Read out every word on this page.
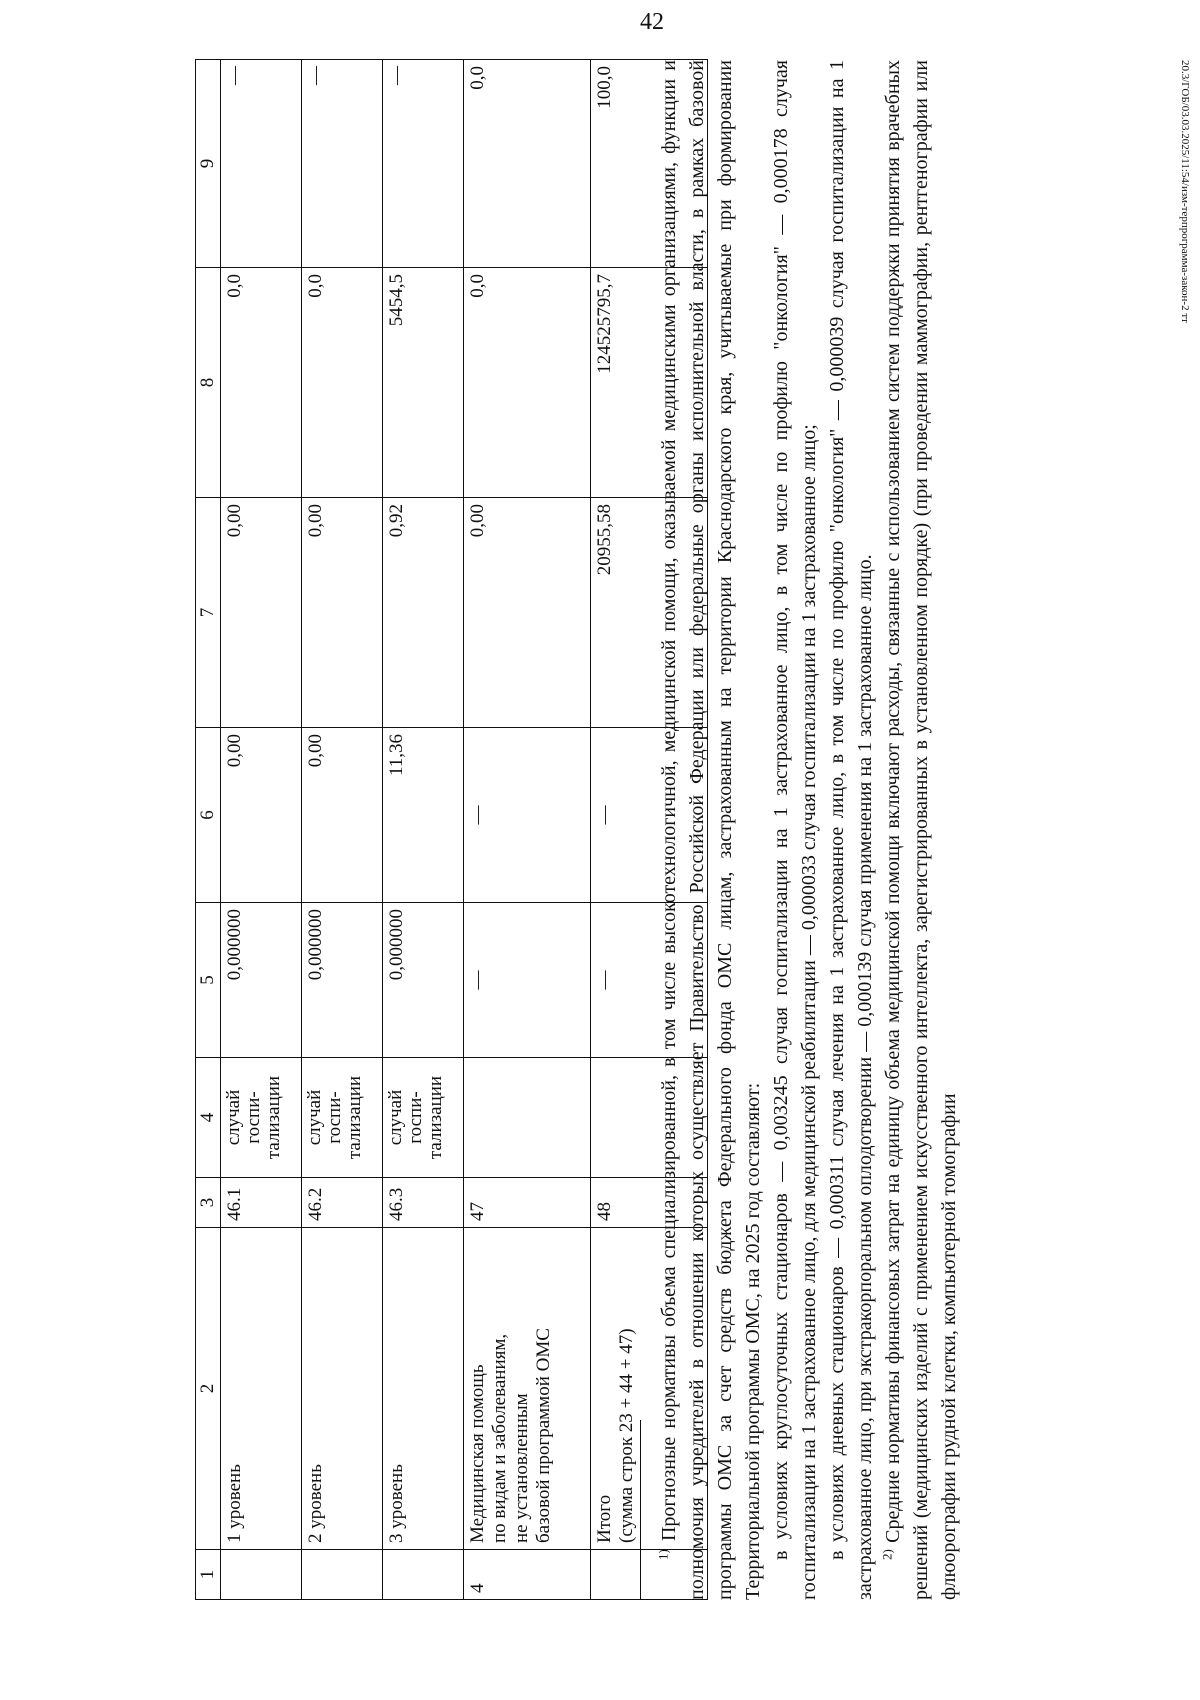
42
20.3/ГОБ/03.03.2025/11:54/изм-терпрограмма-закон-2 тт
1	2	3	4	5	6	7	8	9
	1 уровень	46.1	случай госпи-
тализации	0,000000	0,00	0,00	0,0	—
	2 уровень	46.2	случай госпи-
тализации	0,000000	0,00	0,00	0,0	—
	3 уровень	46.3	случай госпи-
тализации	0,000000	11,36	0,92	5454,5	—
4	Медицинская помощь
по видам и заболеваниям,
не установленным
базовой программой ОМС	47		—	—	0,00	0,0	0,0
	Итого
(сумма строк 23 + 44 + 47)	48		—	—	20955,58	124525795,7	100,0

$^{1)}$ Прогнозные нормативы объема специализированной, в том числе высокотехнологичной, медицинской помощи, оказываемой медицинскими организациями, функции и полномочия учредителей в отношении которых осуществляет Правительство Российской Федерации или федеральные органы исполнительной власти, в рамках базовой программы ОМС за счет средств бюджета Федерального фонда ОМС лицам, застрахованным на территории Краснодарского края, учитываемые при формировании Территориальной программы ОМС, на 2025 год составляют: в условиях круглосуточных стационаров — 0,003245 случая госпитализации на 1 застрахованное лицо, в том числе по профилю "онкология" — 0,000178 случая госпитализации на 1 застрахованное лицо, для медицинской реабилитации — 0,000033 случая госпитализации на 1 застрахованное лицо; в условиях дневных стационаров — 0,000311 случая лечения на 1 застрахованное лицо, в том числе по профилю "онкология" — 0,000039 случая госпитализации на 1 застрахованное лицо, при экстракорпоральном оплодотворении — 0,000139 случая применения на 1 застрахованное лицо. $^{2)}$ Средние нормативы финансовых затрат на единицу объема медицинской помощи включают расходы, связанные с использованием систем поддержки принятия врачебных решений (медицинских изделий с применением искусственного интеллекта, зарегистрированных в установленном порядке) (при проведении маммографии, рентгенографии или флюорографии грудной клетки, компьютерной томографии
